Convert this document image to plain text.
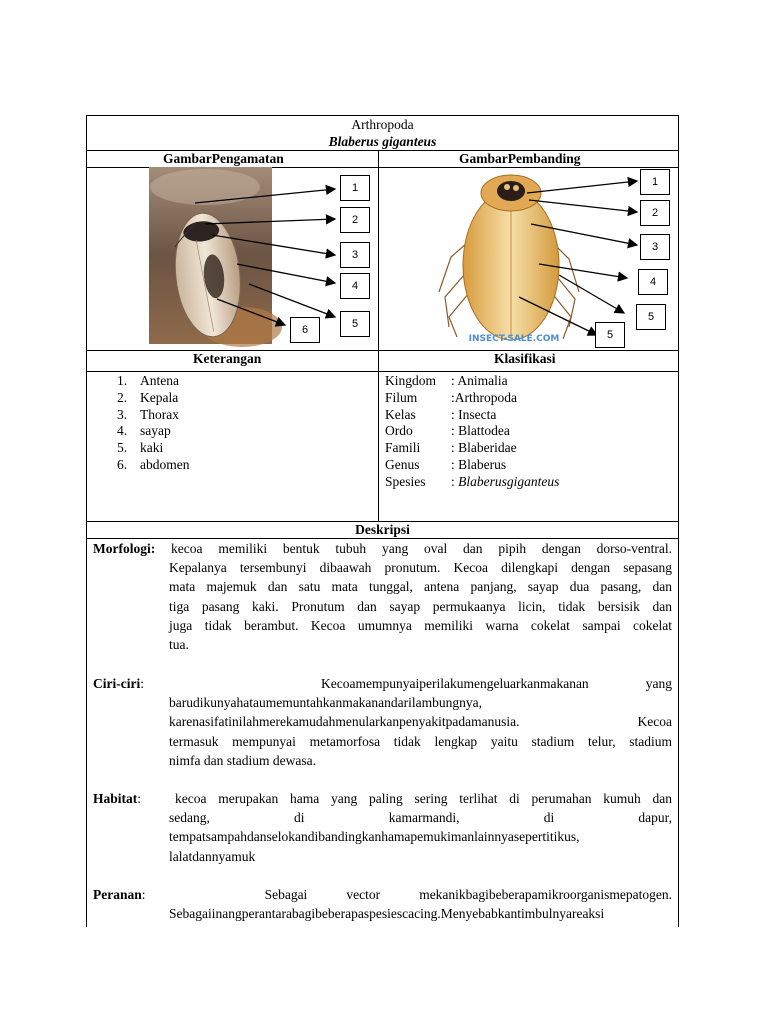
Arthropoda
Blaberus giganteus
GambarPengamatan	GambarPembanding
1
2
3
4
5
6
INSECT-SALE.COM
1
2
3
4
5
5
Keterangan	Klasifikasi
1. Antena
2. Kepala
3. Thorax
4. sayap
5. kaki
6. abdomen
Kingdom	: Animalia
Filum	:Arthropoda
Kelas	: Insecta
Ordo	: Blattodea
Famili	: Blaberidae
Genus	: Blaberus
Spesies	: Blaberusgiganteus
Deskripsi
Morfologi: kecoa memiliki bentuk tubuh yang oval dan pipih dengan dorso-ventral.
Kepalanya tersembunyi dibaawah pronutum. Kecoa dilengkapi dengan sepasang
mata majemuk dan satu mata tunggal, antena panjang, sayap dua pasang, dan
tiga pasang kaki. Pronutum dan sayap permukaanya licin, tidak bersisik dan
juga tidak berambut. Kecoa umumnya memiliki warna cokelat sampai cokelat
tua.
Ciri-ciri:	Kecoamempunyaiperilakumengeluarkanmakanan	yang
barudikunyahataumemuntahkanmakanandarilambungnya,
karenasifatinilahmerekamudahmenularkanpenyakitpadamanusia.	Kecoa
termasuk mempunyai metamorfosa tidak lengkap yaitu stadium telur, stadium
nimfa dan stadium dewasa.
Habitat:	kecoa merupakan hama yang paling sering terlihat di perumahan kumuh dan
sedang,	di	kamarmandi,	di	dapur,
tempatsampahdanselokandibandingkanhamapemukimanlainnyasepertitikus,
lalatdannyamuk
Peranan:	Sebagai	vector	mekanikbagibeberapamikroorganismepatogen.
Sebagaiinangperantarabagibeberapaspesiescacing.Menyebabkantimbulnyareaksi
